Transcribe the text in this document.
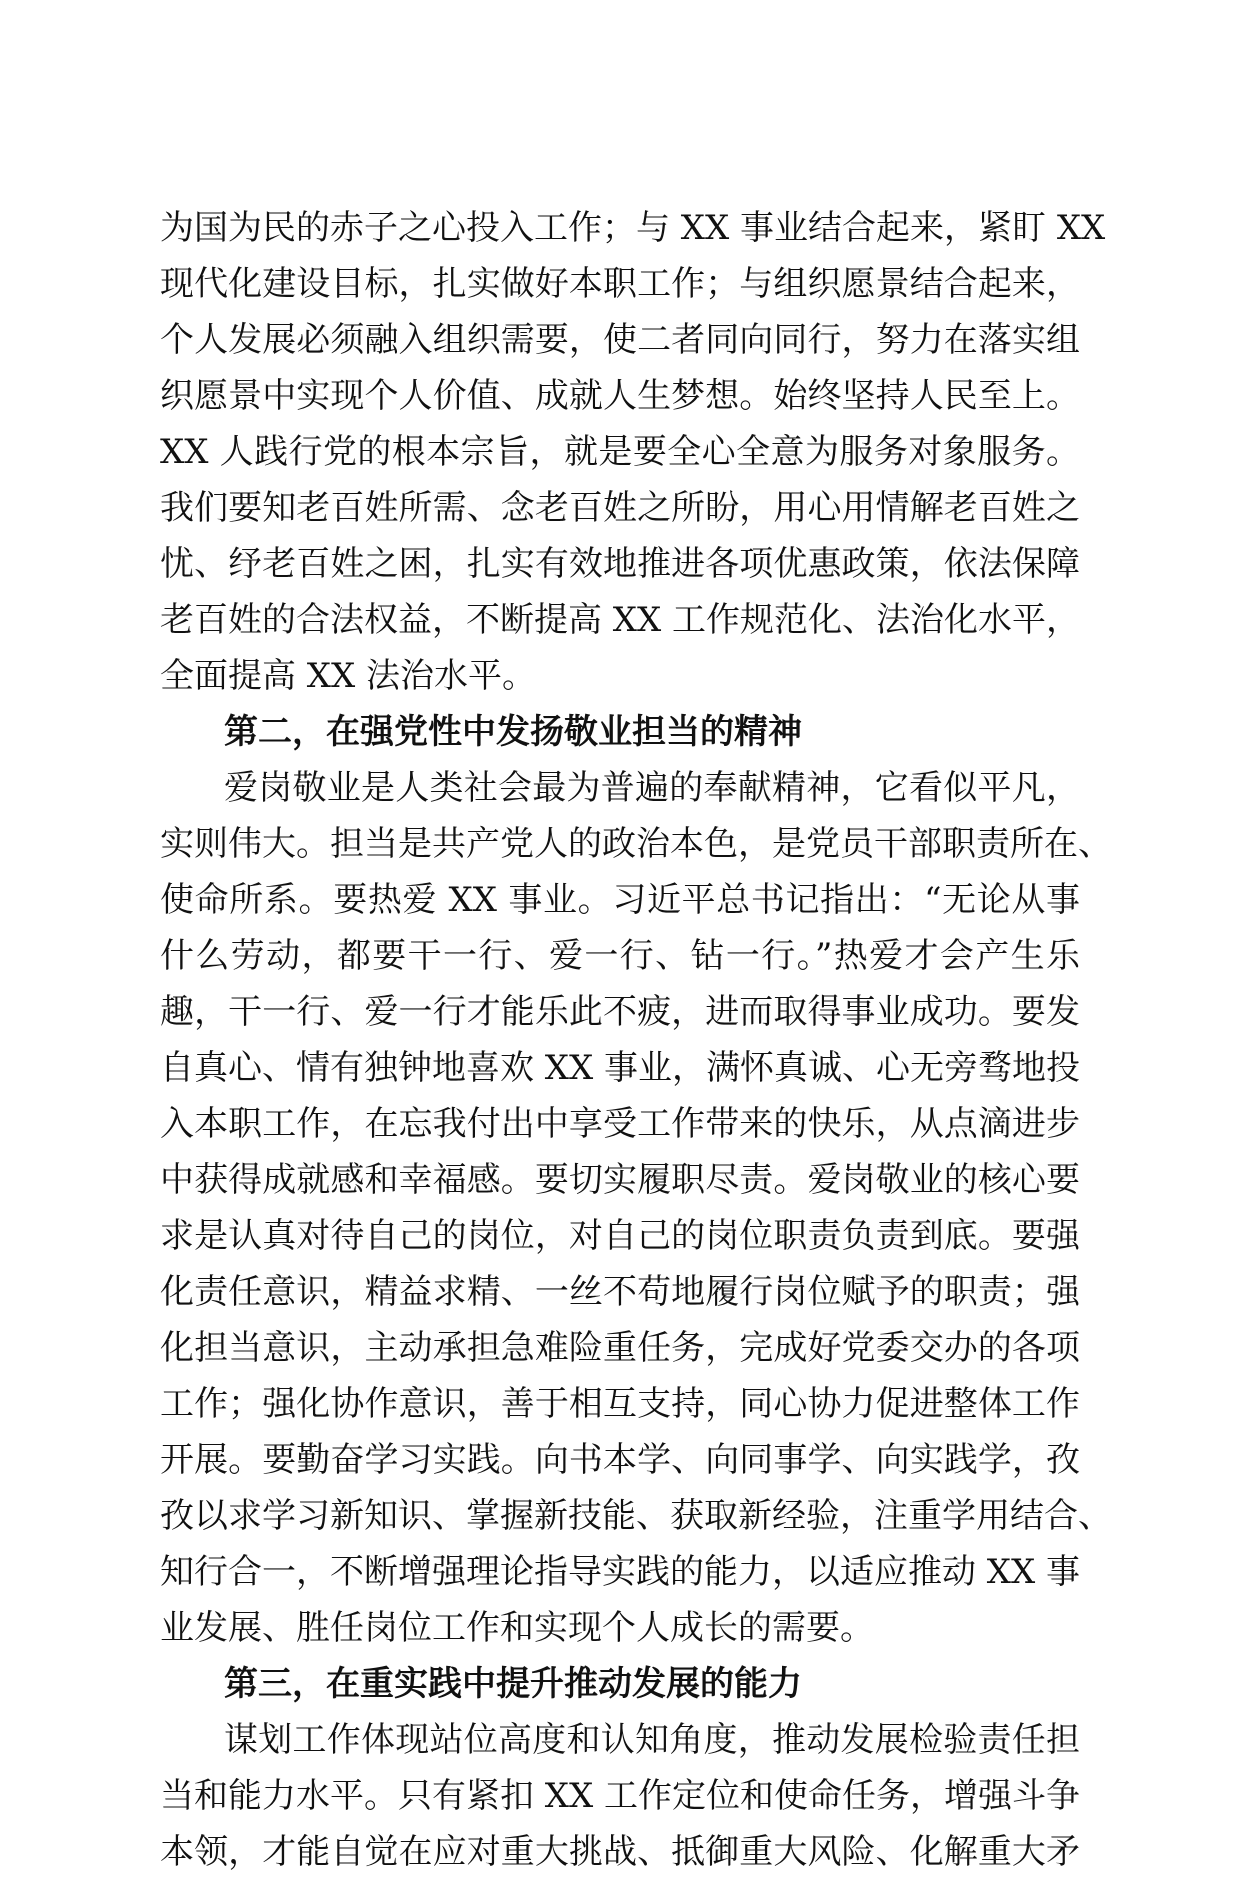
为国为民的赤子之心投入工作；与 XX 事业结合起来，紧盯 XX
现代化建设目标，扎实做好本职工作；与组织愿景结合起来，
个人发展必须融入组织需要，使二者同向同行，努力在落实组
织愿景中实现个人价值、成就人生梦想。始终坚持人民至上。
XX 人践行党的根本宗旨，就是要全心全意为服务对象服务。
我们要知老百姓所需、念老百姓之所盼，用心用情解老百姓之
忧、纾老百姓之困，扎实有效地推进各项优惠政策，依法保障
老百姓的合法权益，不断提高 XX 工作规范化、法治化水平，
全面提高 XX 法治水平。
第二，在强党性中发扬敬业担当的精神
爱岗敬业是人类社会最为普遍的奉献精神，它看似平凡，
实则伟大。担当是共产党人的政治本色，是党员干部职责所在、
使命所系。要热爱 XX 事业。习近平总书记指出：“无论从事
什么劳动，都要干一行、爱一行、钻一行。”热爱才会产生乐
趣，干一行、爱一行才能乐此不疲，进而取得事业成功。要发
自真心、情有独钟地喜欢 XX 事业，满怀真诚、心无旁骛地投
入本职工作，在忘我付出中享受工作带来的快乐，从点滴进步
中获得成就感和幸福感。要切实履职尽责。爱岗敬业的核心要
求是认真对待自己的岗位，对自己的岗位职责负责到底。要强
化责任意识，精益求精、一丝不苟地履行岗位赋予的职责；强
化担当意识，主动承担急难险重任务，完成好党委交办的各项
工作；强化协作意识，善于相互支持，同心协力促进整体工作
开展。要勤奋学习实践。向书本学、向同事学、向实践学，孜
孜以求学习新知识、掌握新技能、获取新经验，注重学用结合、
知行合一，不断增强理论指导实践的能力，以适应推动 XX 事
业发展、胜任岗位工作和实现个人成长的需要。
第三，在重实践中提升推动发展的能力
谋划工作体现站位高度和认知角度，推动发展检验责任担
当和能力水平。只有紧扣 XX 工作定位和使命任务，增强斗争
本领，才能自觉在应对重大挑战、抵御重大风险、化解重大矛
